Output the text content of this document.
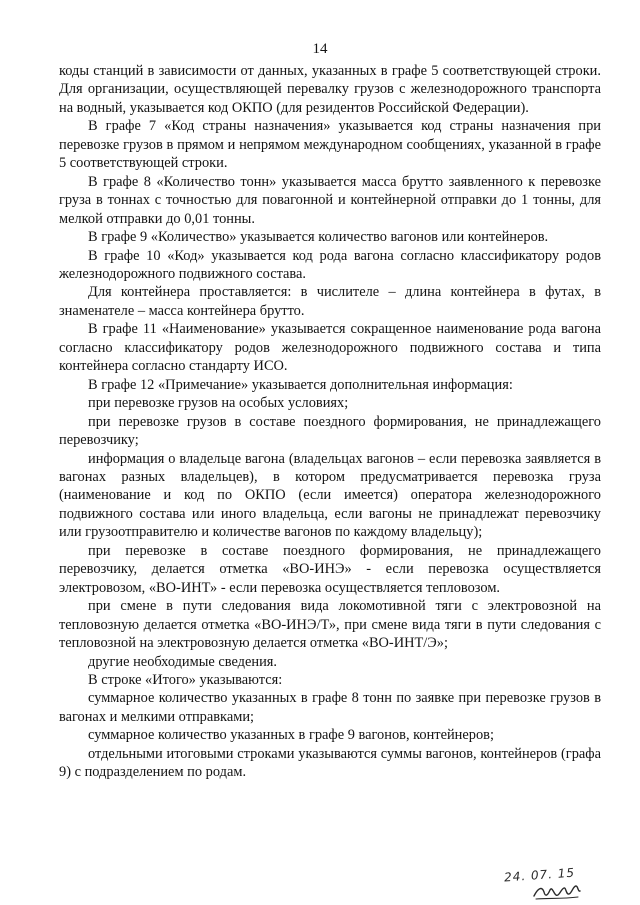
14

коды станций в зависимости от данных, указанных в графе 5 соответствующей строки. Для организации, осуществляющей перевалку грузов с железнодорожного транспорта на водный, указывается код ОКПО (для резидентов Российской Федерации).

В графе 7 «Код страны назначения» указывается код страны назначения при перевозке грузов в прямом и непрямом международном сообщениях, указанной в графе 5 соответствующей строки.

В графе 8 «Количество тонн» указывается масса брутто заявленного к перевозке груза в тоннах с точностью для повагонной и контейнерной отправки до 1 тонны, для мелкой отправки до 0,01 тонны.

В графе 9 «Количество» указывается количество вагонов или контейнеров.

В графе 10 «Код» указывается код рода вагона согласно классификатору родов железнодорожного подвижного состава.

Для контейнера проставляется: в числителе – длина контейнера в футах, в знаменателе – масса контейнера брутто.

В графе 11 «Наименование» указывается сокращенное наименование рода вагона согласно классификатору родов железнодорожного подвижного состава и типа контейнера согласно стандарту ИСО.

В графе 12 «Примечание» указывается дополнительная информация:

при перевозке грузов на особых условиях;

при перевозке грузов в составе поездного формирования, не принадлежащего перевозчику;

информация о владельце вагона (владельцах вагонов – если перевозка заявляется в вагонах разных владельцев), в котором предусматривается перевозка груза (наименование и код по ОКПО (если имеется) оператора железнодорожного подвижного состава или иного владельца, если вагоны не принадлежат перевозчику или грузоотправителю и количестве вагонов по каждому владельцу);

при перевозке в составе поездного формирования, не принадлежащего перевозчику, делается отметка «ВО-ИНЭ» - если перевозка осуществляется электровозом, «ВО-ИНТ» - если перевозка осуществляется тепловозом.

при смене в пути следования вида локомотивной тяги с электровозной на тепловозную делается отметка «ВО-ИНЭ/Т», при смене вида тяги в пути следования с тепловозной на электровозную делается отметка «ВО-ИНТ/Э»;

другие необходимые сведения.

В строке «Итого» указываются:

суммарное количество указанных в графе 8 тонн по заявке при перевозке грузов в вагонах и мелкими отправками;

суммарное количество указанных в графе 9 вагонов, контейнеров;

отдельными итоговыми строками указываются суммы вагонов, контейнеров (графа 9) с подразделением по родам.

24. 07. 15
